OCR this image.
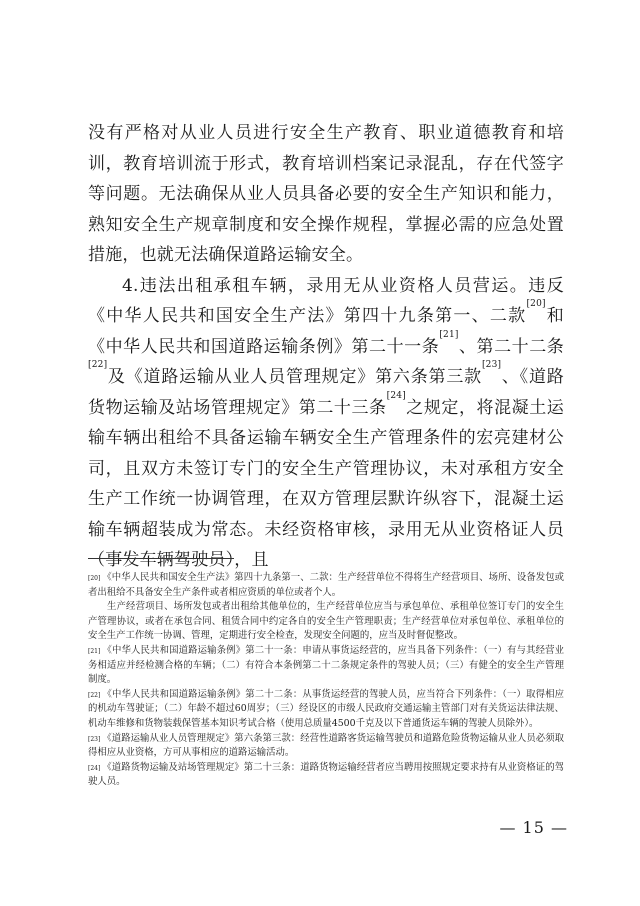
没有严格对从业人员进行安全生产教育、职业道德教育和培训，教育培训流于形式，教育培训档案记录混乱，存在代签字等问题。无法确保从业人员具备必要的安全生产知识和能力，熟知安全生产规章制度和安全操作规程，掌握必需的应急处置措施，也就无法确保道路运输安全。

4.违法出租承租车辆，录用无从业资格人员营运。违反《中华人民共和国安全生产法》第四十九条第一、二款[20]和《中华人民共和国道路运输条例》第二十一条[21]、第二十二条[22]及《道路运输从业人员管理规定》第六条第三款[23]、《道路货物运输及站场管理规定》第二十三条[24]之规定，将混凝土运输车辆出租给不具备运输车辆安全生产管理条件的宏亮建材公司，且双方未签订专门的安全生产管理协议，未对承租方安全生产工作统一协调管理，在双方管理层默许纵容下，混凝土运输车辆超装成为常态。未经资格审核，录用无从业资格证人员（事发车辆驾驶员），且

[20] 《中华人民共和国安全生产法》第四十九条第一、二款：生产经营单位不得将生产经营项目、场所、设备发包或者出租给不具备安全生产条件或者相应资质的单位或者个人。

生产经营项目、场所发包或者出租给其他单位的，生产经营单位应当与承包单位、承租单位签订专门的安全生产管理协议，或者在承包合同、租赁合同中约定各自的安全生产管理职责；生产经营单位对承包单位、承租单位的安全生产工作统一协调、管理，定期进行安全检查，发现安全问题的，应当及时督促整改。

[21] 《中华人民共和国道路运输条例》第二十一条：申请从事货运经营的，应当具备下列条件：（一）有与其经营业务相适应并经检测合格的车辆；（二）有符合本条例第二十二条规定条件的驾驶人员；（三）有健全的安全生产管理制度。

[22] 《中华人民共和国道路运输条例》第二十二条：从事货运经营的驾驶人员，应当符合下列条件：（一）取得相应的机动车驾驶证；（二）年龄不超过60周岁；（三）经设区的市级人民政府交通运输主管部门对有关货运法律法规、机动车维修和货物装载保管基本知识考试合格（使用总质量4500千克及以下普通货运车辆的驾驶人员除外）。

[23] 《道路运输从业人员管理规定》第六条第三款：经营性道路客货运输驾驶员和道路危险货物运输从业人员必须取得相应从业资格，方可从事相应的道路运输活动。

[24] 《道路货物运输及站场管理规定》第二十三条：道路货物运输经营者应当聘用按照规定要求持有从业资格证的驾驶人员。

— 15 —
